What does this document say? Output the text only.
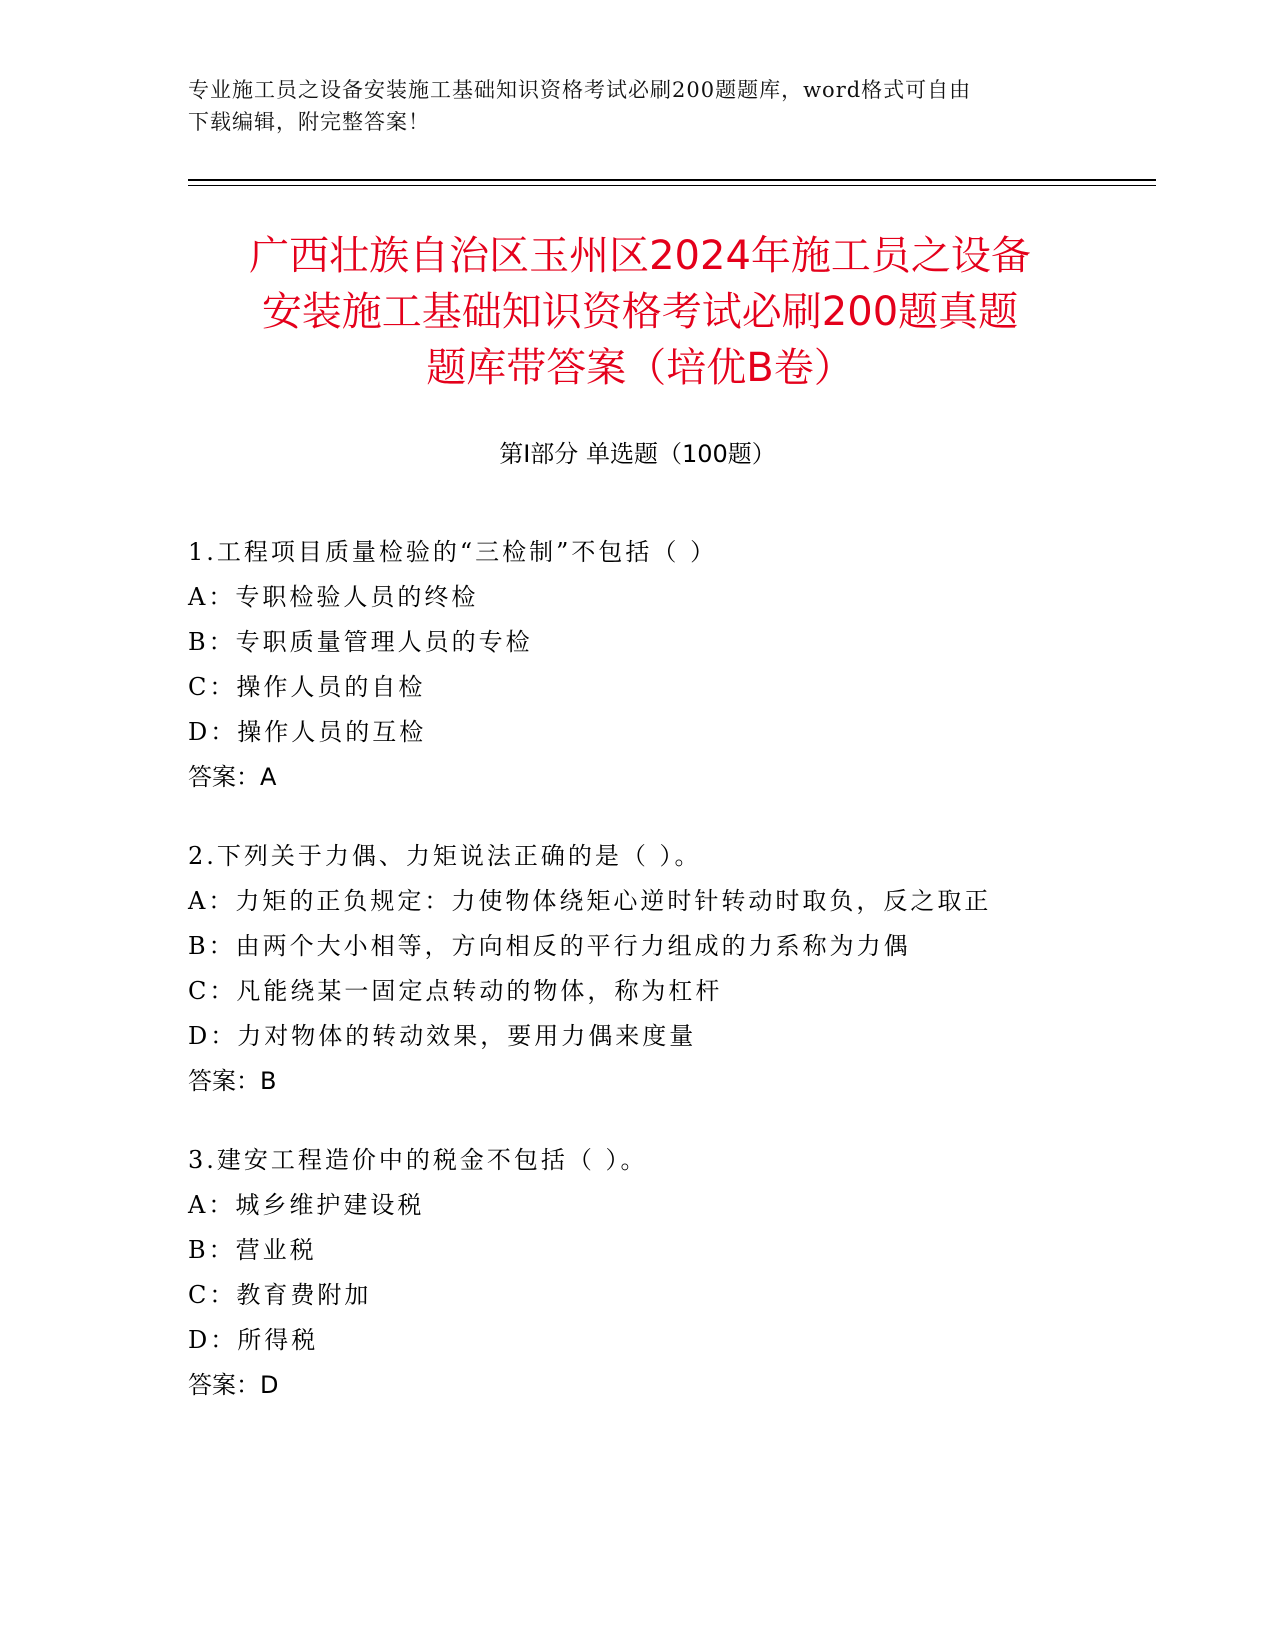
专业施工员之设备安装施工基础知识资格考试必刷200题题库，word格式可自由
下载编辑，附完整答案！
广西壮族自治区玉州区2024年施工员之设备
安装施工基础知识资格考试必刷200题真题
题库带答案（培优B卷）
第Ⅰ部分 单选题（100题）
1.工程项目质量检验的“三检制”不包括（ ）
A：专职检验人员的终检
B：专职质量管理人员的专检
C：操作人员的自检
D：操作人员的互检
答案：A
2.下列关于力偶、力矩说法正确的是（ ）。
A：力矩的正负规定：力使物体绕矩心逆时针转动时取负，反之取正
B：由两个大小相等，方向相反的平行力组成的力系称为力偶
C：凡能绕某一固定点转动的物体，称为杠杆
D：力对物体的转动效果，要用力偶来度量
答案：B
3.建安工程造价中的税金不包括（ ）。
A：城乡维护建设税
B：营业税
C：教育费附加
D：所得税
答案：D
